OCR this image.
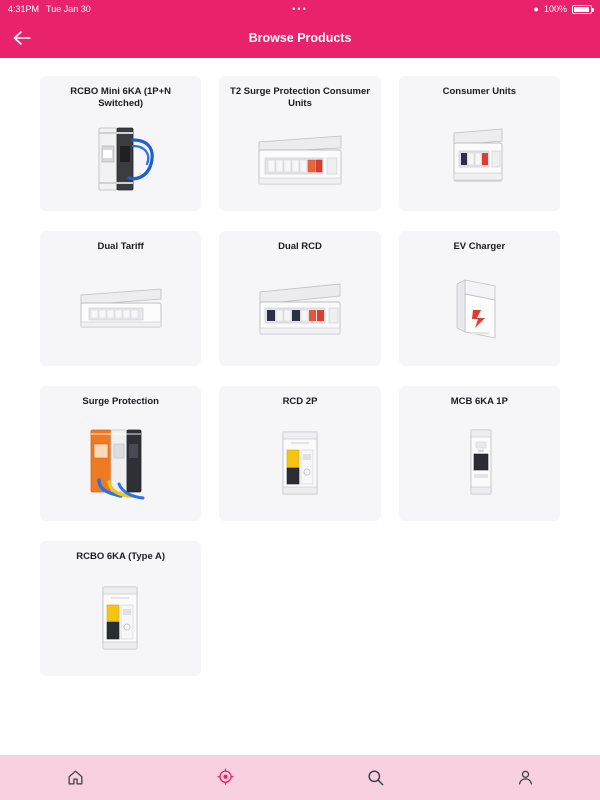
4:31PM Tue Jan 30	•••	● 100%
Browse Products
RCBO Mini 6KA (1P+N Switched)
T2 Surge Protection Consumer Units
Consumer Units
Dual Tariff	Dual RCD	EV Charger
Surge Protection	RCD 2P	MCB 6KA 1P
6kA
RCBO 6KA (Type A)
